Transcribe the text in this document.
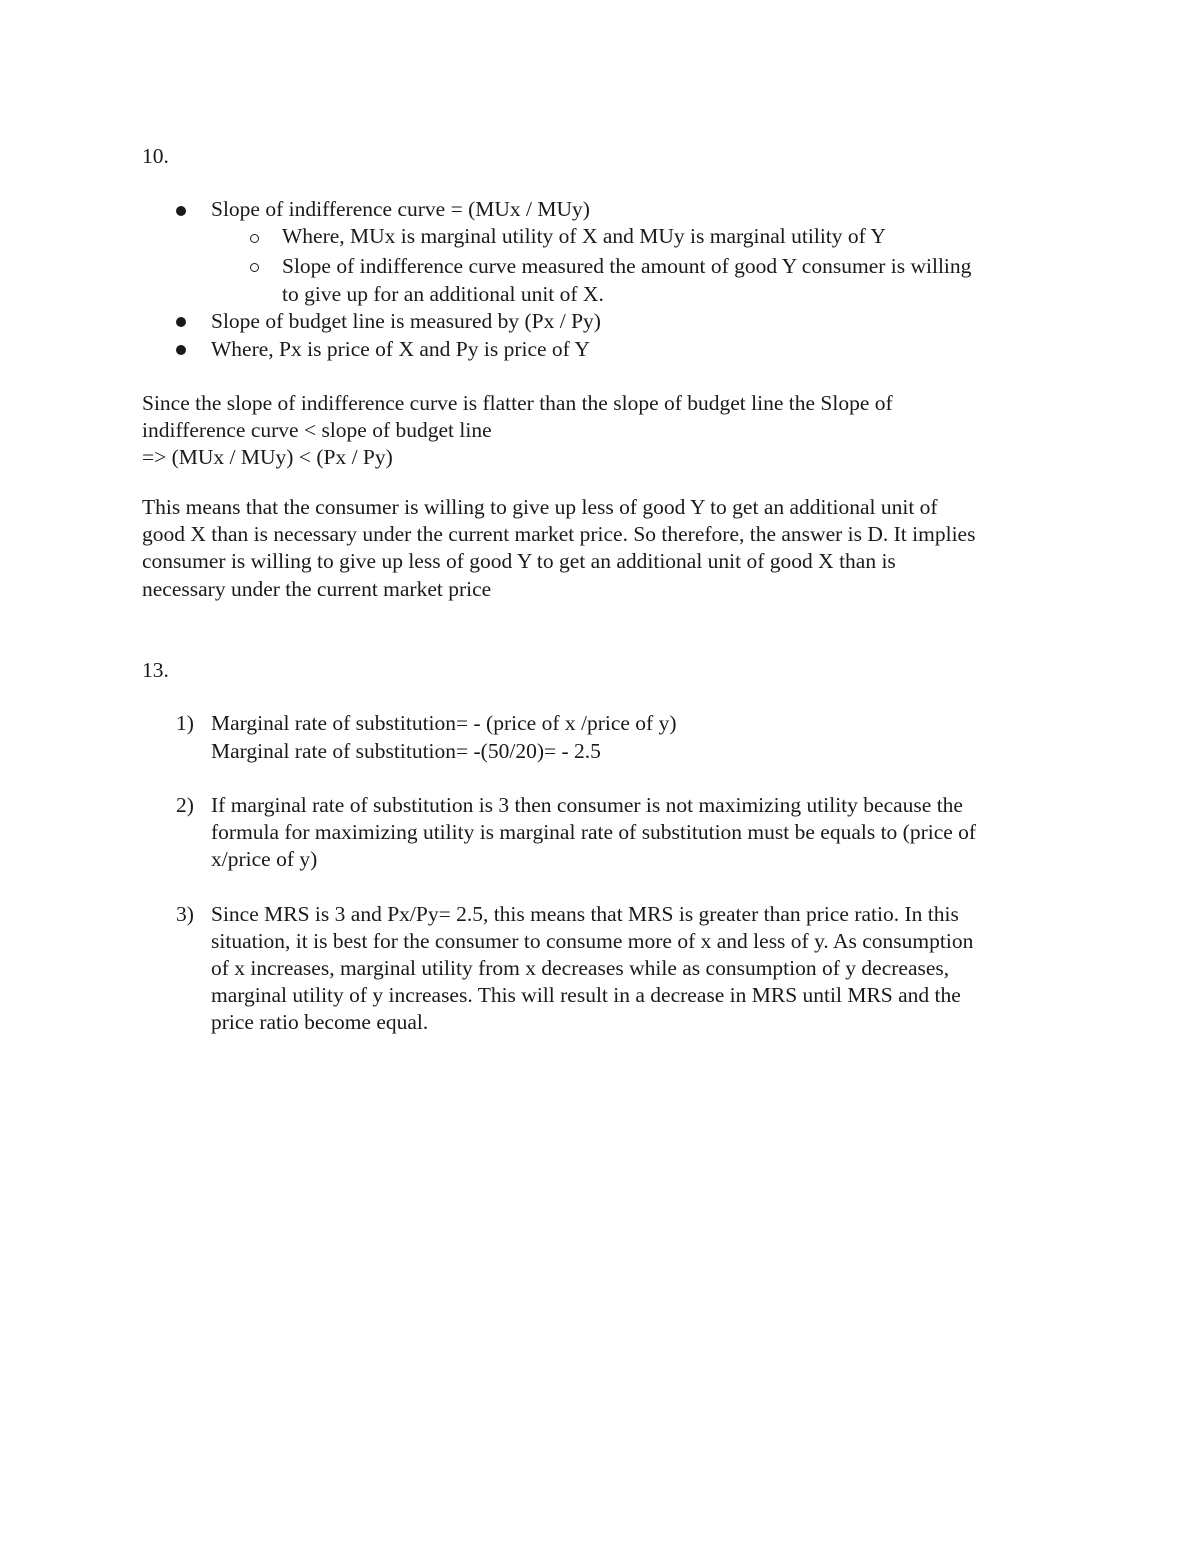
10.
Slope of indifference curve = (MUx / MUy)
Where, MUx is marginal utility of X and MUy is marginal utility of Y
Slope of indifference curve measured the amount of good Y consumer is willing
to give up for an additional unit of X.
Slope of budget line is measured by (Px / Py)
Where, Px is price of X and Py is price of Y
Since the slope of indifference curve is flatter than the slope of budget line the Slope of
indifference curve < slope of budget line
=> (MUx / MUy) < (Px / Py)
This means that the consumer is willing to give up less of good Y to get an additional unit of
good X than is necessary under the current market price. So therefore, the answer is D. It implies
consumer is willing to give up less of good Y to get an additional unit of good X than is
necessary under the current market price
13.
1) Marginal rate of substitution= - (price of x /price of y)
Marginal rate of substitution= -(50/20)= - 2.5
2) If marginal rate of substitution is 3 then consumer is not maximizing utility because the
formula for maximizing utility is marginal rate of substitution must be equals to (price of
x/price of y)
3) Since MRS is 3 and Px/Py= 2.5, this means that MRS is greater than price ratio. In this
situation, it is best for the consumer to consume more of x and less of y. As consumption
of x increases, marginal utility from x decreases while as consumption of y decreases,
marginal utility of y increases. This will result in a decrease in MRS until MRS and the
price ratio become equal.
